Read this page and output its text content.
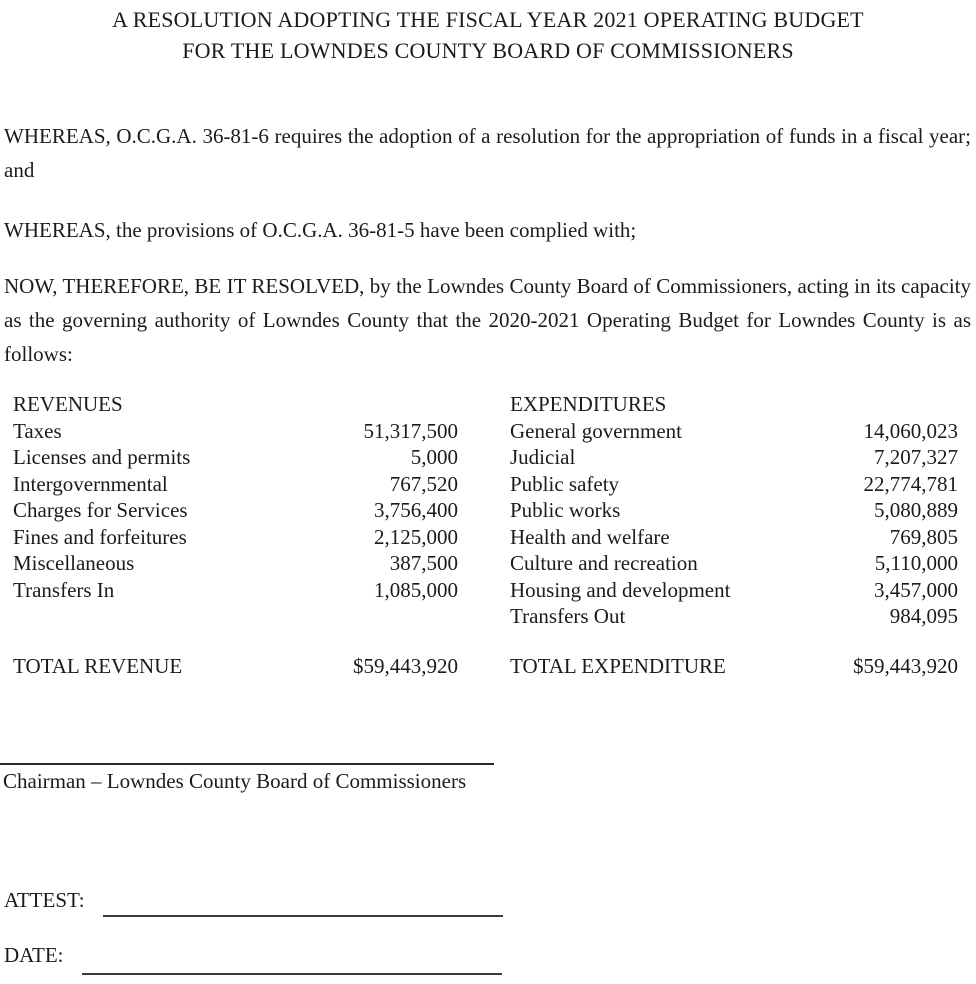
A RESOLUTION ADOPTING THE FISCAL YEAR 2021 OPERATING BUDGET
FOR THE LOWNDES COUNTY BOARD OF COMMISSIONERS
WHEREAS, O.C.G.A. 36-81-6 requires the adoption of a resolution for the appropriation of funds in a fiscal year; and
WHEREAS, the provisions of O.C.G.A. 36-81-5 have been complied with;
NOW, THEREFORE, BE IT RESOLVED, by the Lowndes County Board of Commissioners, acting in its capacity as the governing authority of Lowndes County that the 2020-2021 Operating Budget for Lowndes County is as follows:
REVENUES
Taxes	51,317,500
Licenses and permits	5,000
Intergovernmental	767,520
Charges for Services	3,756,400
Fines and forfeitures	2,125,000
Miscellaneous	387,500
Transfers In	1,085,000
EXPENDITURES
General government	14,060,023
Judicial	7,207,327
Public safety	22,774,781
Public works	5,080,889
Health and welfare	769,805
Culture and recreation	5,110,000
Housing and development	3,457,000
Transfers Out	984,095
TOTAL REVENUE	$59,443,920 TOTAL EXPENDITURE	$59,443,920
Chairman – Lowndes County Board of Commissioners
ATTEST:
DATE:
